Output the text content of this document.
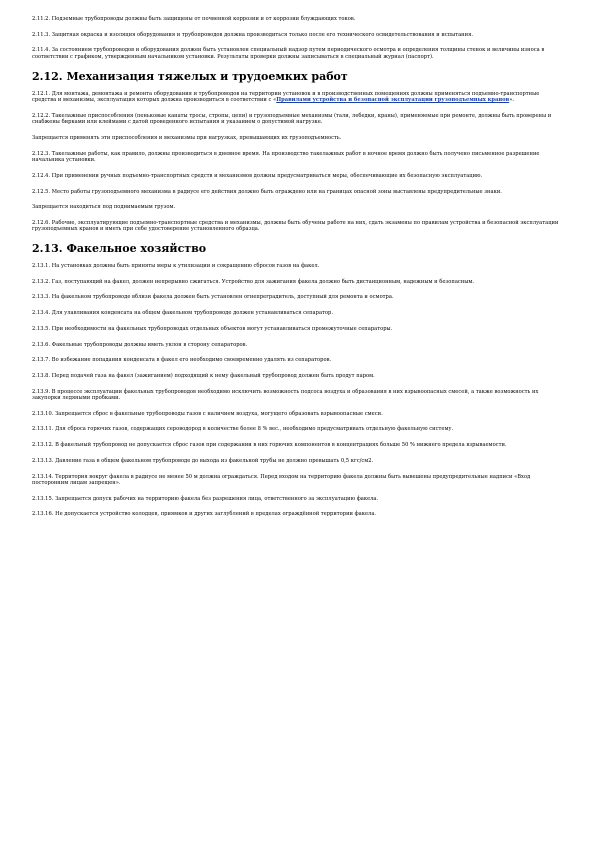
2.11.2. Подземные трубопроводы должны быть защищены от почвенной коррозии и от коррозии блуждающих токов.

2.11.3. Защитная окраска и изоляция оборудования и трубопроводов должна производиться только после его технического освидетельствования и испытания.

2.11.4. За состоянием трубопроводов и оборудования должен быть установлен специальный надзор путем периодического осмотра и определения толщины стенок и величины износа в соответствии с графиком, утвержденным начальником установки. Результаты проверки должны записываться в специальный журнал (паспорт).

2.12. Механизация тяжелых и трудоемких работ

2.12.1. Для монтажа, демонтажа и ремонта оборудования и трубопроводов на территории установок и в производственных помещениях должны применяться подъемно-транспортные средства и механизмы, эксплуатация которых должна производиться в соответствии с «Правилами устройства и безопасной эксплуатации грузоподъемных кранов».

2.12.2. Такелажные приспособления (пеньковые канаты тросы, стропы, цепи) и грузоподъемные механизмы (тали, лебедки, краны), применяемые при ремонте, должны быть проверены и снабжены бирками или клеймами с датой проведенного испытания и указанием о допустимой нагрузке.

Запрещается применять эти приспособления и механизмы при нагрузках, превышающих их грузоподъемность.

2.12.3. Такелажные работы, как правило, должны производиться в дневное время. На производство такелажных работ в ночное время должно быть получено письменное разрешение начальника установки.

2.12.4. При применении ручных подъемно-транспортных средств и механизмов должны предусматриваться меры, обеспечивающие их безопасную эксплуатацию.

2.12.5. Место работы грузоподъемного механизма в радиусе его действия должно быть ограждено или на границах опасной зоны выставлены предупредительные знаки.

Запрещается находиться под поднимаемым грузом.

2.12.6. Рабочие, эксплуатирующие подъемно-транспортные средства и механизмы, должны быть обучены работе на них, сдать экзамены по правилам устройства и безопасной эксплуатации грузоподъемных кранов и иметь при себе удостоверение установленного образца.

2.13. Факельное хозяйство

2.13.1. На установках должны быть приняты меры к утилизации и сокращению сбросов газов на факел.

2.13.2. Газ, поступающий на факел, должен непрерывно сжигаться. Устройство для зажигания факела должно быть дистанционным, надежным и безопасным.

2.13.3. На факельном трубопроводе вблизи факела должен быть установлен огнепреградитель, доступный для ремонта и осмотра.

2.13.4. Для улавливания конденсата на общем факельном трубопроводе должен устанавливаться сепаратор.

2.13.5. При необходимости на факельных трубопроводах отдельных объектов могут устанавливаться промежуточные сепараторы.

2.13.6. Факельные трубопроводы должны иметь уклон в сторону сепараторов.

2.13.7. Во избежание попадания конденсата в факел его необходимо своевременно удалять из сепараторов.

2.13.8. Перед подачей газа на факел (зажиганием) подходящий к нему факельный трубопровод должен быть продут паром.

2.13.9. В процессе эксплуатации факельных трубопроводов необходимо исключить возможность подсоса воздуха и образования в них взрывоопасных смесей, а также возможность их закупорки ледяными пробками.

2.13.10. Запрещается сброс в факельные трубопроводы газов с наличием воздуха, могущего образовать взрывоопасные смеси.

2.13.11. Для сброса горючих газов, содержащих сероводород в количестве более 8 % вес., необходимо предусматривать отдельную факельную систему.

2.13.12. В факельный трубопровод не допускается сброс газов при содержании в них горючих компонентов в концентрациях больше 50 % нижнего предела взрываемости.

2.13.13. Давление газа в общем факельном трубопроводе до выхода из факельной трубы не должно превышать 0,5 кгс/см2.

2.13.14. Территория вокруг факела в радиусе не менее 50 м должна ограждаться. Перед входом на территорию факела должны быть вывешены предупредительные надписи «Вход посторонним лицам запрещен».

2.13.15. Запрещается допуск рабочих на территорию факела без разрешения лица, ответственного за эксплуатацию факела.

2.13.16. Не допускается устройство колодцев, приямков и других заглублений в пределах ограждённой территории факела.
